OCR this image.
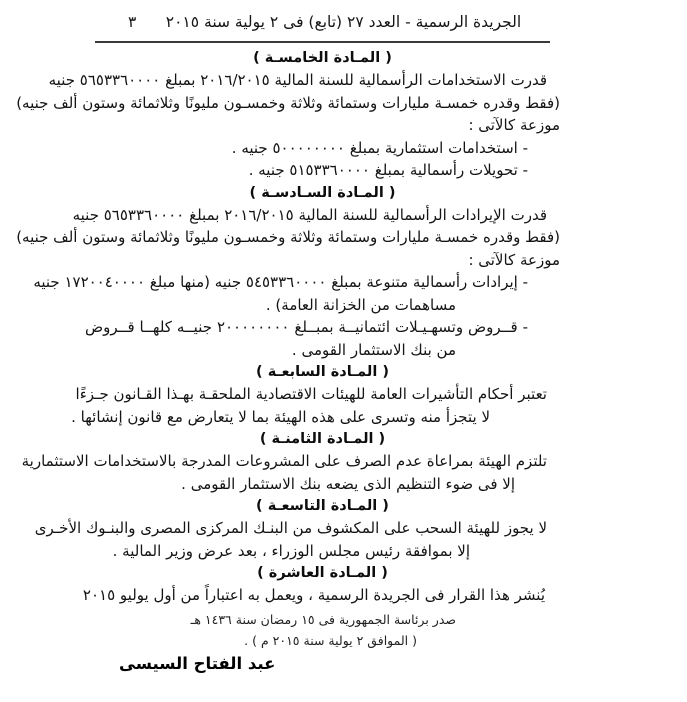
الجريدة الرسمية - العدد ٢٧ (تابع) فى ٢ يولية سنة ٢٠١٥
٣
( المـادة الخامسـة )

قدرت الاستخدامات الرأسمالية للسنة المالية ٢٠١٦/٢٠١٥ بمبلغ ٥٦٥٣٣٦٠٠٠٠ جنيه

(فقط وقدره خمسـة مليارات وستمائة وثلاثة وخمسـون مليونًا وثلاثمائة وستون ألف جنيه)

موزعة كالآتى :

- استخدامات استثمارية بمبلغ ٥٠٠٠٠٠٠٠٠ جنيه .

- تحويلات رأسمالية بمبلغ ٥١٥٣٣٦٠٠٠٠ جنيه .

( المـادة السـادسـة )

قدرت الإيرادات الرأسمالية للسنة المالية ٢٠١٦/٢٠١٥ بمبلغ ٥٦٥٣٣٦٠٠٠٠ جنيه

(فقط وقدره خمسـة مليارات وستمائة وثلاثة وخمسـون مليونًا وثلاثمائة وستون ألف جنيه)

موزعة كالآتى :

- إيرادات رأسمالية متنوعة بمبلغ ٥٤٥٣٣٦٠٠٠٠ جنيه (منها مبلغ ١٧٢٠٠٤٠٠٠٠ جنيه

مساهمات من الخزانة العامة) .

- قــروض وتسهـيـلات ائتمانيــة بمبــلغ ٢٠٠٠٠٠٠٠٠ جنيــه كلهــا قــروض

من بنك الاستثمار القومى .

( المـادة السابعـة )

تعتبر أحكام التأشيرات العامة للهيئات الاقتصادية الملحقـة بهـذا القـانون جـزءًا

لا يتجزأ منه وتسرى على هذه الهيئة بما لا يتعارض مع قانون إنشائها .

( المـادة الثامنـة )

تلتزم الهيئة بمراعاة عدم الصرف على المشروعات المدرجة بالاستخدامات الاستثمارية

إلا فى ضوء التنظيم الذى يضعه بنك الاستثمار القومى .

( المـادة التاسعـة )

لا يجوز للهيئة السحب على المكشوف من البنـك المركزى المصرى والبنـوك الأخـرى

إلا بموافقة رئيس مجلس الوزراء ، بعد عرض وزير المالية .

( المـادة العاشرة )

يُنشر هذا القرار فى الجريدة الرسمية ، ويعمل به اعتباراً من أول يوليو ٢٠١٥

صدر برئاسة الجمهورية فى ١٥ رمضان سنة ١٤٣٦ هـ

( الموافق ٢ يولية سنة ٢٠١٥ م ) .

عبد الفتاح السيسى
